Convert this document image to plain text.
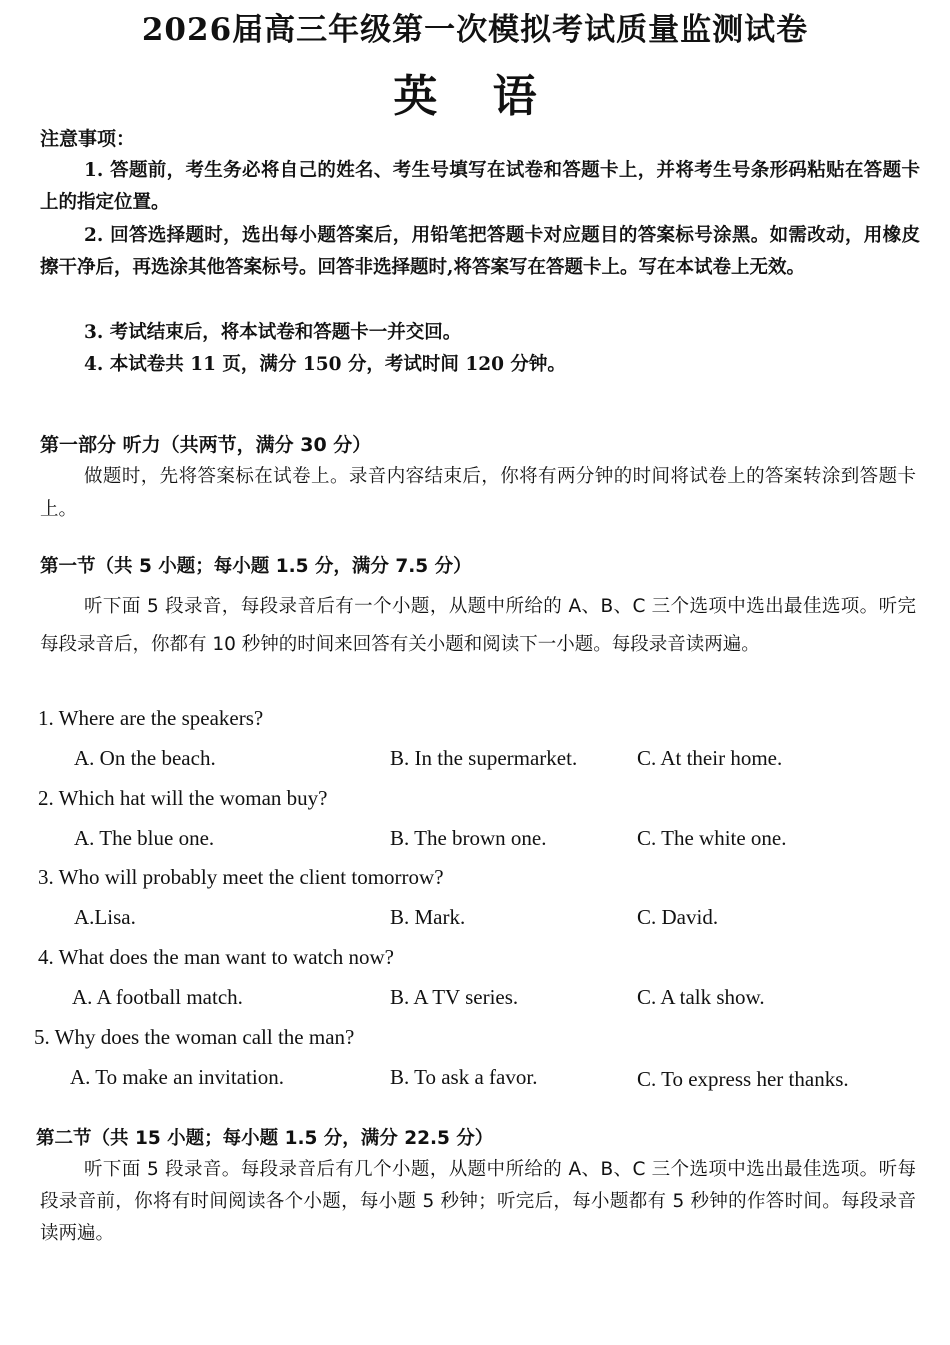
2026届高三年级第一次模拟考试质量监测试卷
英 语
注意事项：
1. 答题前，考生务必将自己的姓名、考生号填写在试卷和答题卡上，并将考生号条形码粘贴在答题卡上的指定位置。
2. 回答选择题时，选出每小题答案后，用铅笔把答题卡对应题目的答案标号涂黑。如需改动，用橡皮擦干净后，再选涂其他答案标号。回答非选择题时,将答案写在答题卡上。写在本试卷上无效。
3. 考试结束后，将本试卷和答题卡一并交回。
4. 本试卷共 11 页，满分 150 分，考试时间 120 分钟。
第一部分 听力（共两节，满分 30 分）
做题时，先将答案标在试卷上。录音内容结束后，你将有两分钟的时间将试卷上的答案转涂到答题卡上。
第一节（共 5 小题；每小题 1.5 分，满分 7.5 分）
听下面 5 段录音，每段录音后有一个小题，从题中所给的 A、B、C 三个选项中选出最佳选项。听完每段录音后，你都有 10 秒钟的时间来回答有关小题和阅读下一小题。每段录音读两遍。
1. Where are the speakers?
A. On the beach.	B. In the supermarket.	C. At their home.
2. Which hat will the woman buy?
A. The blue one.	B. The brown one.	C. The white one.
3. Who will probably meet the client tomorrow?
A.Lisa.	B. Mark.	C. David.
4. What does the man want to watch now?
A. A football match.	B. A TV series.	C. A talk show.
5. Why does the woman call the man?
A. To make an invitation.	B. To ask a favor.	C. To express her thanks.
第二节（共 15 小题；每小题 1.5 分，满分 22.5 分）
听下面 5 段录音。每段录音后有几个小题，从题中所给的 A、B、C 三个选项中选出最佳选项。听每段录音前，你将有时间阅读各个小题，每小题 5 秒钟；听完后，每小题都有 5 秒钟的作答时间。每段录音读两遍。
